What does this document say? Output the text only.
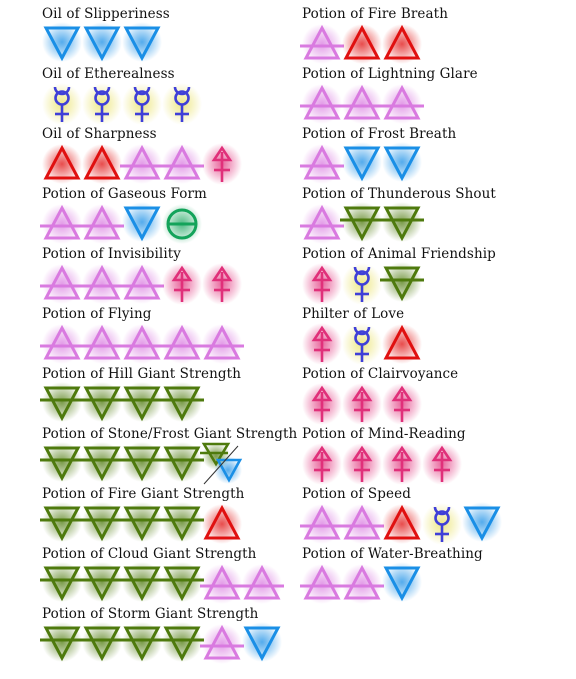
Oil of Slipperiness
Oil of Etherealness
Oil of Sharpness
Potion of Gaseous Form
Potion of Invisibility
Potion of Flying
Potion of Hill Giant Strength
Potion of Stone/Frost Giant Strength
Potion of Fire Giant Strength
Potion of Cloud Giant Strength
Potion of Storm Giant Strength
Potion of Fire Breath
Potion of Lightning Glare
Potion of Frost Breath
Potion of Thunderous Shout
Potion of Animal Friendship
Philter of Love
Potion of Clairvoyance
Potion of Mind-Reading
Potion of Speed
Potion of Water-Breathing
